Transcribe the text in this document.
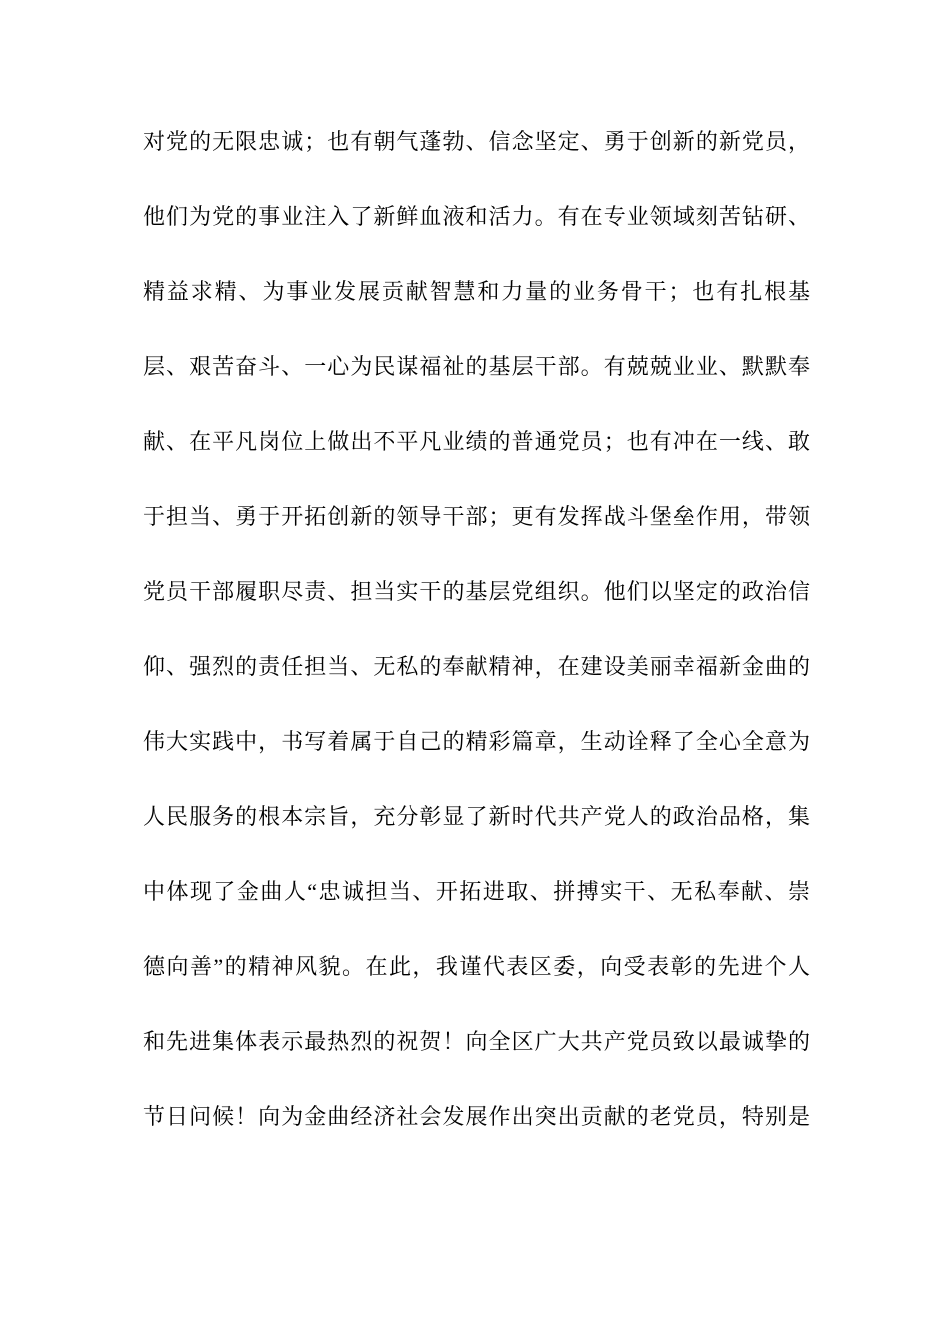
对党的无限忠诚；也有朝气蓬勃、信念坚定、勇于创新的新党员，
他们为党的事业注入了新鲜血液和活力。有在专业领域刻苦钻研、
精益求精、为事业发展贡献智慧和力量的业务骨干；也有扎根基
层、艰苦奋斗、一心为民谋福祉的基层干部。有兢兢业业、默默奉
献、在平凡岗位上做出不平凡业绩的普通党员；也有冲在一线、敢
于担当、勇于开拓创新的领导干部；更有发挥战斗堡垒作用，带领
党员干部履职尽责、担当实干的基层党组织。他们以坚定的政治信
仰、强烈的责任担当、无私的奉献精神，在建设美丽幸福新金曲的
伟大实践中，书写着属于自己的精彩篇章，生动诠释了全心全意为
人民服务的根本宗旨，充分彰显了新时代共产党人的政治品格，集
中体现了金曲人“忠诚担当、开拓进取、拼搏实干、无私奉献、崇
德向善”的精神风貌。在此，我谨代表区委，向受表彰的先进个人
和先进集体表示最热烈的祝贺！向全区广大共产党员致以最诚挚的
节日问候！向为金曲经济社会发展作出突出贡献的老党员，特别是
